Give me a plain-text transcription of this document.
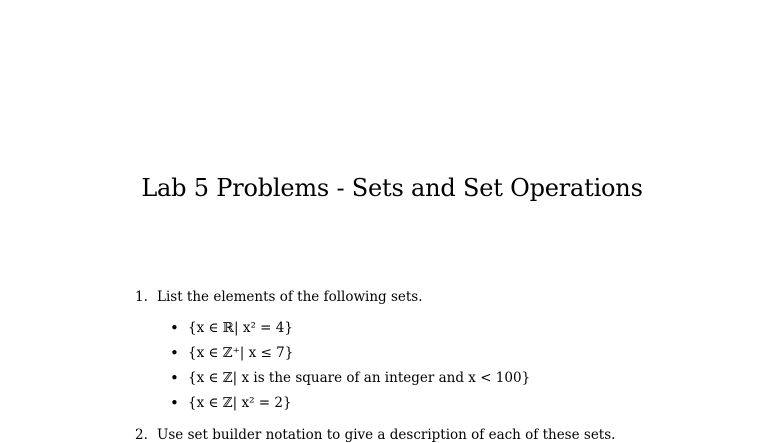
Lab 5 Problems - Sets and Set Operations
1. List the elements of the following sets.
• {x ∈ ℝ| x² = 4}
• {x ∈ ℤ⁺| x ≤ 7}
• {x ∈ ℤ| x is the square of an integer and x < 100}
• {x ∈ ℤ| x² = 2}
2. Use set builder notation to give a description of each of these sets.
